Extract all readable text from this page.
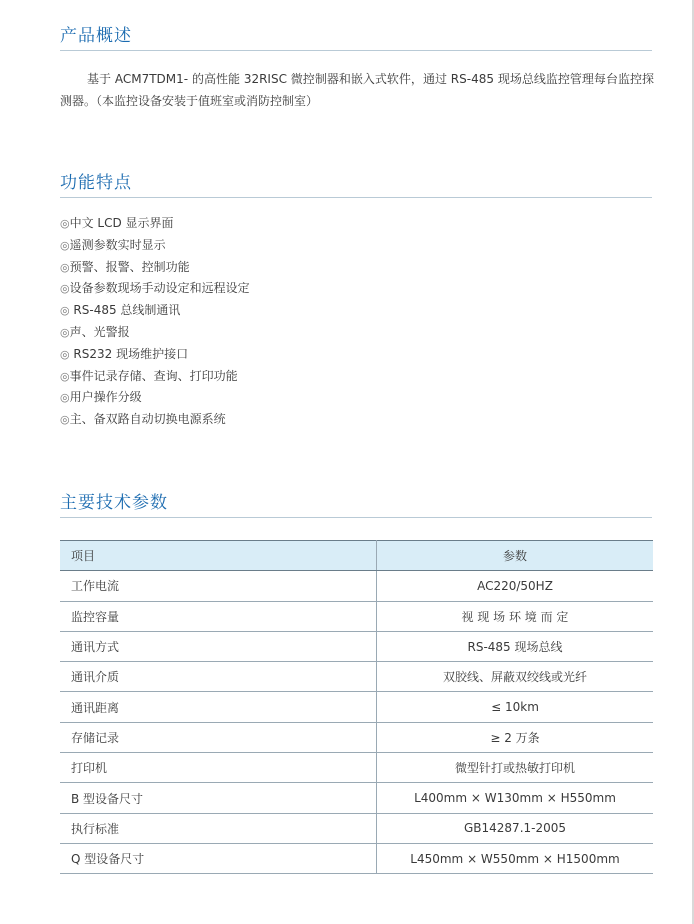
产品概述

基于 ACM7TDM1- 的高性能 32RISC 微控制器和嵌入式软件，通过 RS-485 现场总线监控管理每台监控探测器。（本监控设备安装于值班室或消防控制室）

功能特点
◎中文 LCD 显示界面
◎遥测参数实时显示
◎预警、报警、控制功能
◎设备参数现场手动设定和远程设定
◎ RS-485 总线制通讯
◎声、光警报
◎ RS232 现场维护接口
◎事件记录存储、查询、打印功能
◎用户操作分级
◎主、备双路自动切换电源系统
主要技术参数
项目	参数
工作电流	AC220/50HZ
监控容量	视 现 场 环 境 而 定
通讯方式	RS-485 现场总线
通讯介质	双胶线、屏蔽双绞线或光纤
通讯距离	≤ 10km
存储记录	≥ 2 万条
打印机	微型针打或热敏打印机
B 型设备尺寸	L400mm × W130mm × H550mm
执行标准	GB14287.1-2005
Q 型设备尺寸	L450mm × W550mm × H1500mm
